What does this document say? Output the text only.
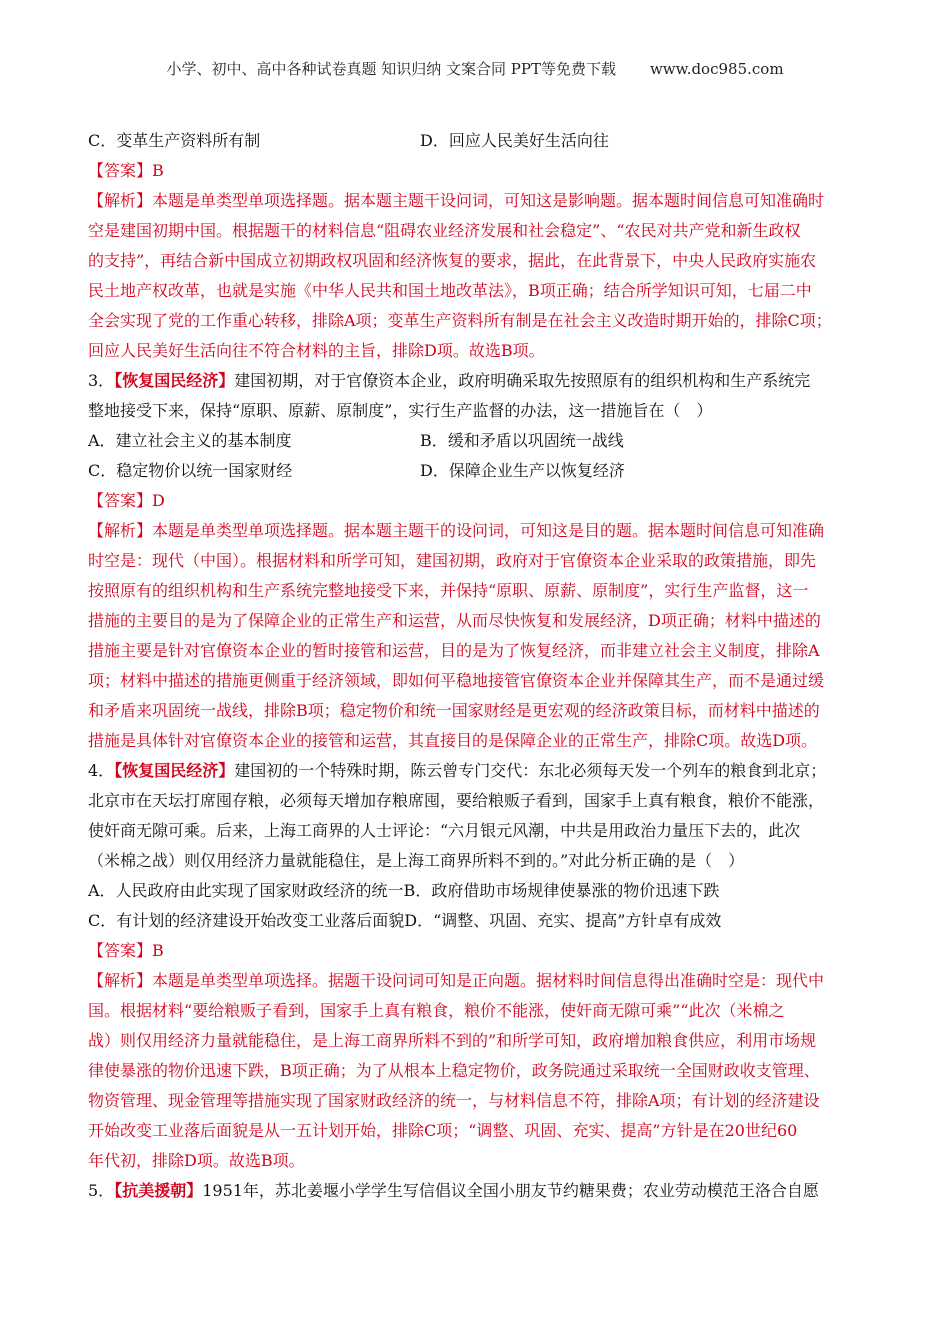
小学、初中、高中各种试卷真题 知识归纳 文案合同 PPT等免费下载 www.doc985.com
C．变革生产资料所有制	D．回应人民美好生活向往
【答案】B
【解析】本题是单类型单项选择题。据本题主题干设问词，可知这是影响题。据本题时间信息可知准确时
空是建国初期中国。根据题干的材料信息“阻碍农业经济发展和社会稳定”、“农民对共产党和新生政权
的支持”，再结合新中国成立初期政权巩固和经济恢复的要求，据此，在此背景下，中央人民政府实施农
民土地产权改革，也就是实施《中华人民共和国土地改革法》，B项正确；结合所学知识可知，七届二中
全会实现了党的工作重心转移，排除A项；变革生产资料所有制是在社会主义改造时期开始的，排除C项；
回应人民美好生活向往不符合材料的主旨，排除D项。故选B项。
3．【恢复国民经济】建国初期，对于官僚资本企业，政府明确采取先按照原有的组织机构和生产系统完
整地接受下来，保持“原职、原薪、原制度”，实行生产监督的办法，这一措施旨在（　）
A．建立社会主义的基本制度	B．缓和矛盾以巩固统一战线
C．稳定物价以统一国家财经	D．保障企业生产以恢复经济
【答案】D
【解析】本题是单类型单项选择题。据本题主题干的设问词，可知这是目的题。据本题时间信息可知准确
时空是：现代（中国）。根据材料和所学可知，建国初期，政府对于官僚资本企业采取的政策措施，即先
按照原有的组织机构和生产系统完整地接受下来，并保持“原职、原薪、原制度”，实行生产监督，这一
措施的主要目的是为了保障企业的正常生产和运营，从而尽快恢复和发展经济，D项正确；材料中描述的
措施主要是针对官僚资本企业的暂时接管和运营，目的是为了恢复经济，而非建立社会主义制度，排除A
项；材料中描述的措施更侧重于经济领域，即如何平稳地接管官僚资本企业并保障其生产，而不是通过缓
和矛盾来巩固统一战线，排除B项；稳定物价和统一国家财经是更宏观的经济政策目标，而材料中描述的
措施是具体针对官僚资本企业的接管和运营，其直接目的是保障企业的正常生产，排除C项。故选D项。
4．【恢复国民经济】建国初的一个特殊时期，陈云曾专门交代：东北必须每天发一个列车的粮食到北京；
北京市在天坛打席囤存粮，必须每天增加存粮席囤，要给粮贩子看到，国家手上真有粮食，粮价不能涨，
使奸商无隙可乘。后来，上海工商界的人士评论：“六月银元风潮，中共是用政治力量压下去的，此次
（米棉之战）则仅用经济力量就能稳住，是上海工商界所料不到的。”对此分析正确的是（　）
A．人民政府由此实现了国家财政经济的统一B．政府借助市场规律使暴涨的物价迅速下跌
C．有计划的经济建设开始改变工业落后面貌D．“调整、巩固、充实、提高”方针卓有成效
【答案】B
【解析】本题是单类型单项选择。据题干设问词可知是正向题。据材料时间信息得出准确时空是：现代中
国。根据材料“要给粮贩子看到，国家手上真有粮食，粮价不能涨，使奸商无隙可乘”“此次（米棉之
战）则仅用经济力量就能稳住，是上海工商界所料不到的”和所学可知，政府增加粮食供应，利用市场规
律使暴涨的物价迅速下跌，B项正确；为了从根本上稳定物价，政务院通过采取统一全国财政收支管理、
物资管理、现金管理等措施实现了国家财政经济的统一，与材料信息不符，排除A项；有计划的经济建设
开始改变工业落后面貌是从一五计划开始，排除C项；“调整、巩固、充实、提高”方针是在20世纪60
年代初，排除D项。故选B项。
5．【抗美援朝】1951年，苏北姜堰小学学生写信倡议全国小朋友节约糖果费；农业劳动模范王洛合自愿
